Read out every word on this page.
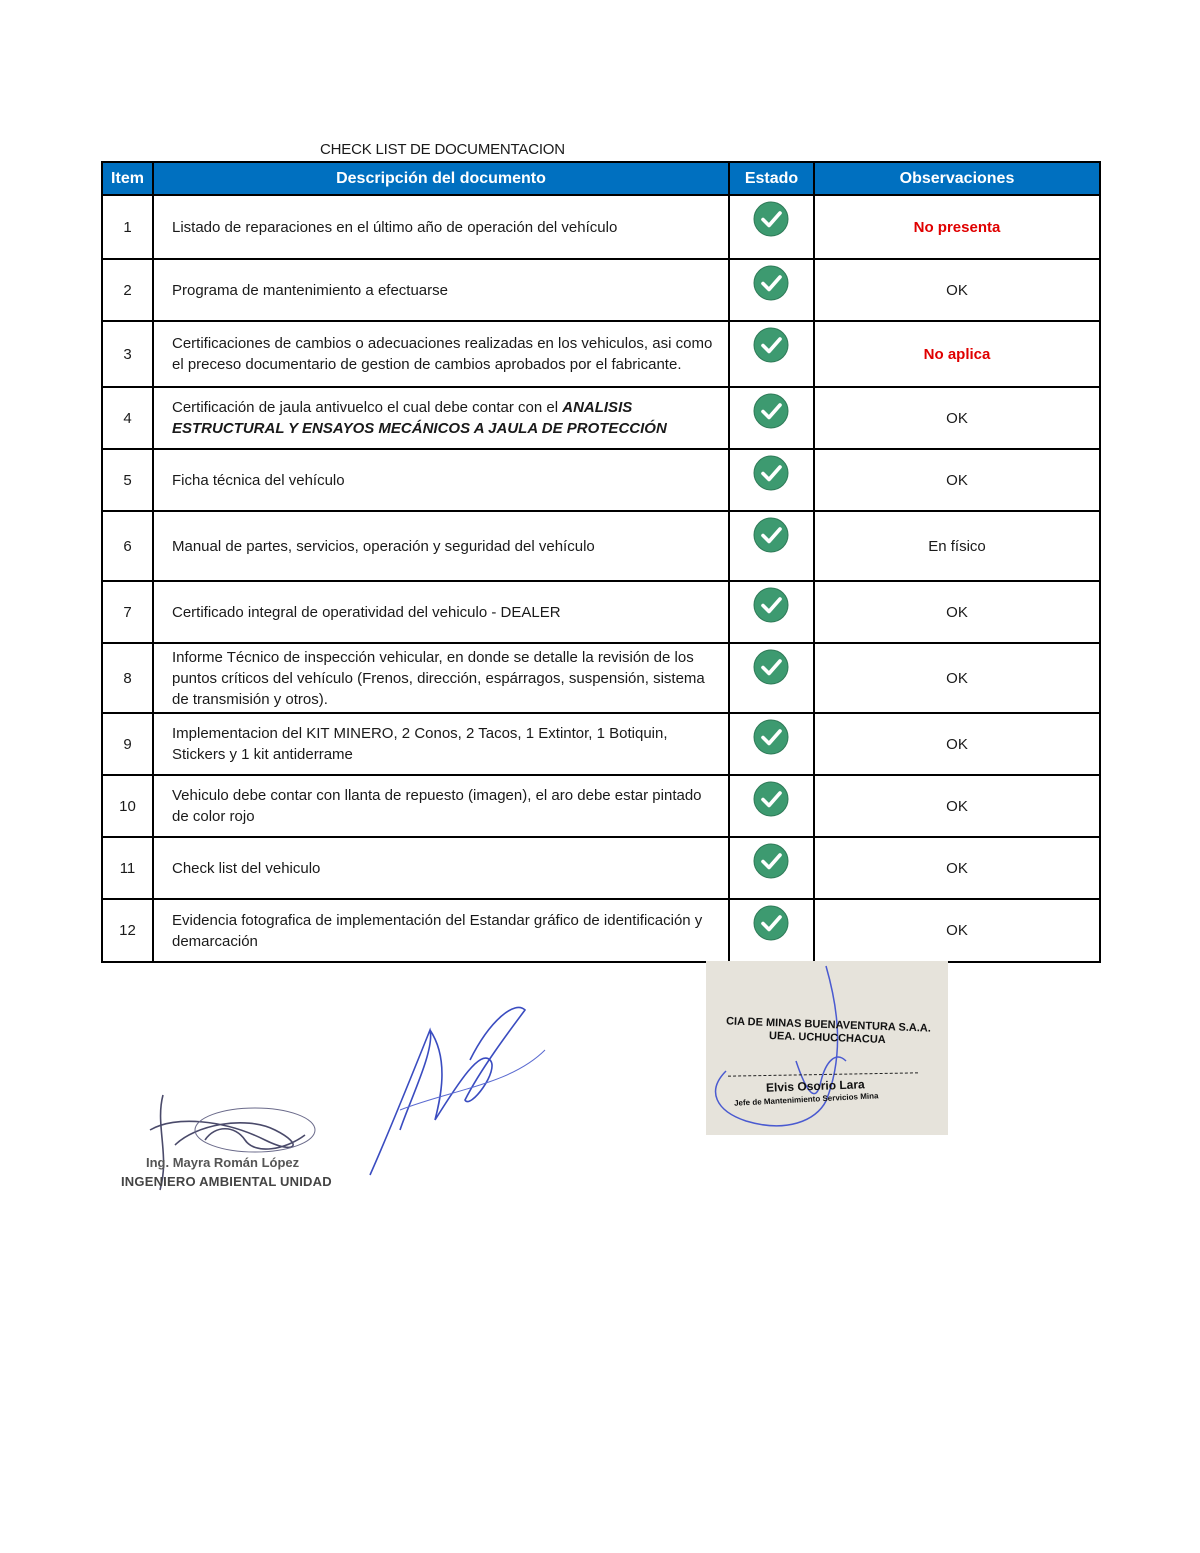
CHECK LIST DE DOCUMENTACION
Item	Descripción del documento	Estado	Observaciones
1	Listado de reparaciones en el último año de operación del vehículo		No presenta
2	Programa de mantenimiento a efectuarse		OK
3	Certificaciones de cambios o adecuaciones realizadas en los vehiculos, asi como el preceso documentario de gestion de cambios aprobados por el fabricante.		No aplica
4	Certificación de jaula antivuelco el cual debe contar con el ANALISIS ESTRUCTURAL Y ENSAYOS MECÁNICOS A JAULA DE PROTECCIÓN		OK
5	Ficha técnica del vehículo		OK
6	Manual de partes, servicios, operación y seguridad del vehículo		En físico
7	Certificado integral de operatividad del vehiculo - DEALER		OK
8	Informe Técnico de inspección vehicular, en donde se detalle la revisión de los puntos críticos del vehículo (Frenos, dirección, espárragos, suspensión, sistema de transmisión y otros).		OK
9	Implementacion del KIT MINERO, 2 Conos, 2 Tacos, 1 Extintor, 1 Botiquin, Stickers y 1 kit antiderrame		OK
10	Vehiculo debe contar con llanta de repuesto (imagen), el aro debe estar pintado de color rojo		OK
11	Check list del vehiculo		OK
12	Evidencia fotografica de implementación del Estandar gráfico de identificación y demarcación		OK
Ing. Mayra Román López
INGENIERO AMBIENTAL UNIDAD
CIA DE MINAS BUENAVENTURA S.A.A.
UEA. UCHUCCHACUA
Elvis Osorio Lara
Jefe de Mantenimiento Servicios Mina
